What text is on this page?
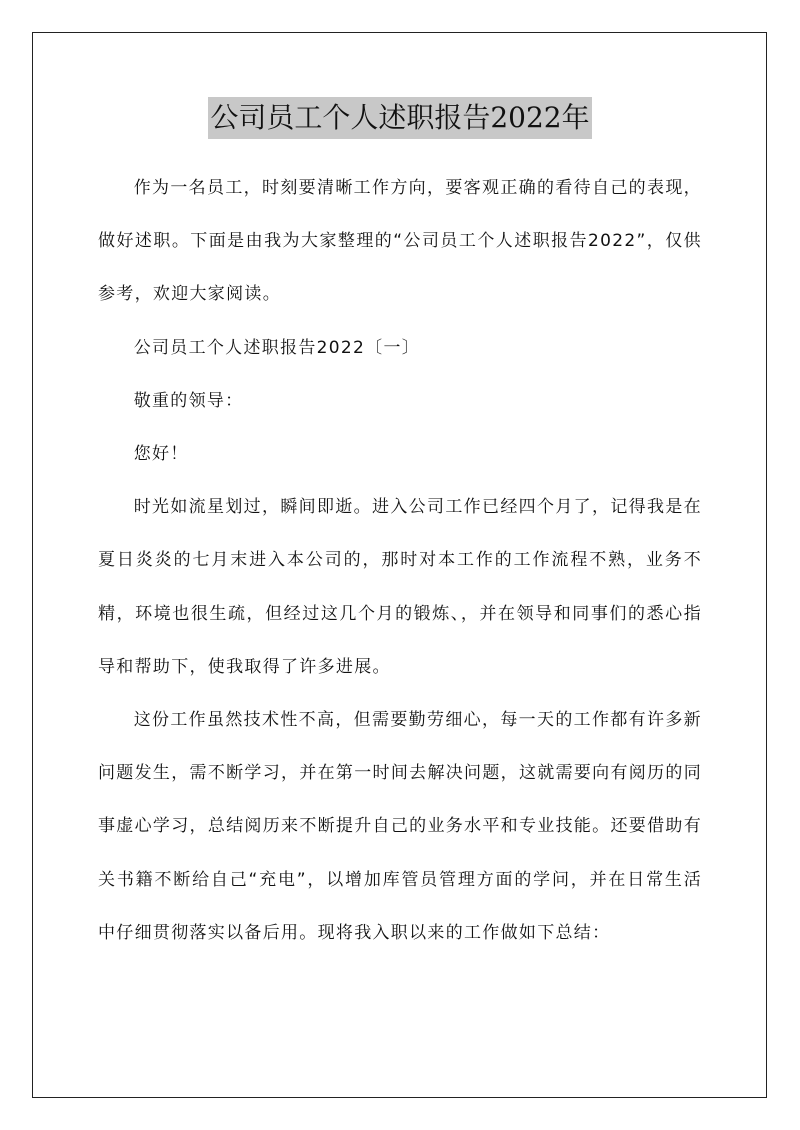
公司员工个人述职报告2022年

作为一名员工，时刻要清晰工作方向，要客观正确的看待自己的表现，做好述职。下面是由我为大家整理的“公司员工个人述职报告2022”，仅供参考，欢迎大家阅读。

公司员工个人述职报告2022〔一〕

敬重的领导：

您好！

时光如流星划过，瞬间即逝。进入公司工作已经四个月了，记得我是在夏日炎炎的七月末进入本公司的，那时对本工作的工作流程不熟，业务不精，环境也很生疏，但经过这几个月的锻炼、，并在领导和同事们的悉心指导和帮助下，使我取得了许多进展。

这份工作虽然技术性不高，但需要勤劳细心，每一天的工作都有许多新问题发生，需不断学习，并在第一时间去解决问题，这就需要向有阅历的同事虚心学习，总结阅历来不断提升自己的业务水平和专业技能。还要借助有关书籍不断给自己“充电”，以增加库管员管理方面的学问，并在日常生活中仔细贯彻落实以备后用。现将我入职以来的工作做如下总结：
